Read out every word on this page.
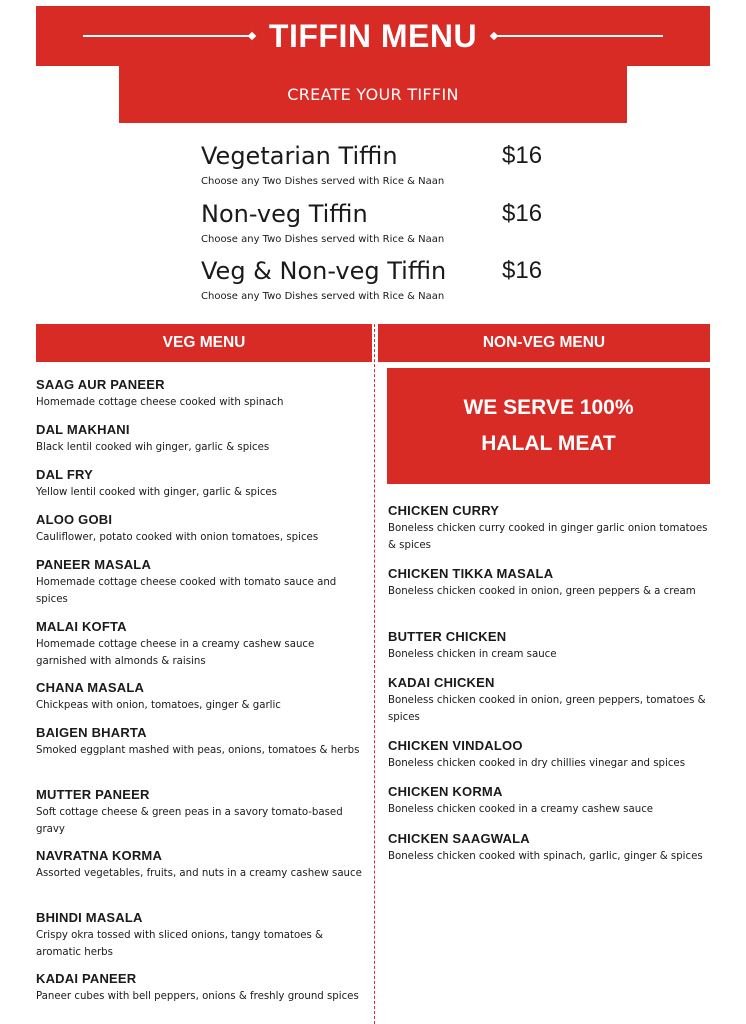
TIFFIN MENU
CREATE YOUR TIFFIN
Vegetarian Tiffin	$16
Choose any Two Dishes served with Rice & Naan
Non-veg Tiffin	$16
Choose any Two Dishes served with Rice & Naan
Veg & Non-veg Tiffin $16
Choose any Two Dishes served with Rice & Naan
VEG MENU	NON-VEG MENU
WE SERVE 100%
HALAL MEAT
SAAG AUR PANEER
Homemade cottage cheese cooked with spinach
DAL MAKHANI
Black lentil cooked wih ginger, garlic & spices
DAL FRY
Yellow lentil cooked with ginger, garlic & spices
ALOO GOBI
Cauliflower, potato cooked with onion tomatoes, spices
PANEER MASALA
Homemade cottage cheese cooked with tomato sauce and spices
MALAI KOFTA
Homemade cottage cheese in a creamy cashew sauce garnished with almonds & raisins
CHANA MASALA
Chickpeas with onion, tomatoes, ginger & garlic
BAIGEN BHARTA
Smoked eggplant mashed with peas, onions, tomatoes & herbs
MUTTER PANEER
Soft cottage cheese & green peas in a savory tomato-based gravy
NAVRATNA KORMA
Assorted vegetables, fruits, and nuts in a creamy cashew sauce
BHINDI MASALA
Crispy okra tossed with sliced onions, tangy tomatoes & aromatic herbs
KADAI PANEER
Paneer cubes with bell peppers, onions & freshly ground spices
CHICKEN CURRY
Boneless chicken curry cooked in ginger garlic onion tomatoes & spices
CHICKEN TIKKA MASALA
Boneless chicken cooked in onion, green peppers & a cream
BUTTER CHICKEN
Boneless chicken in cream sauce
KADAI CHICKEN
Boneless chicken cooked in onion, green peppers, tomatoes & spices
CHICKEN VINDALOO
Boneless chicken cooked in dry chillies vinegar and spices
CHICKEN KORMA
Boneless chicken cooked in a creamy cashew sauce
CHICKEN SAAGWALA
Boneless chicken cooked with spinach, garlic, ginger & spices
